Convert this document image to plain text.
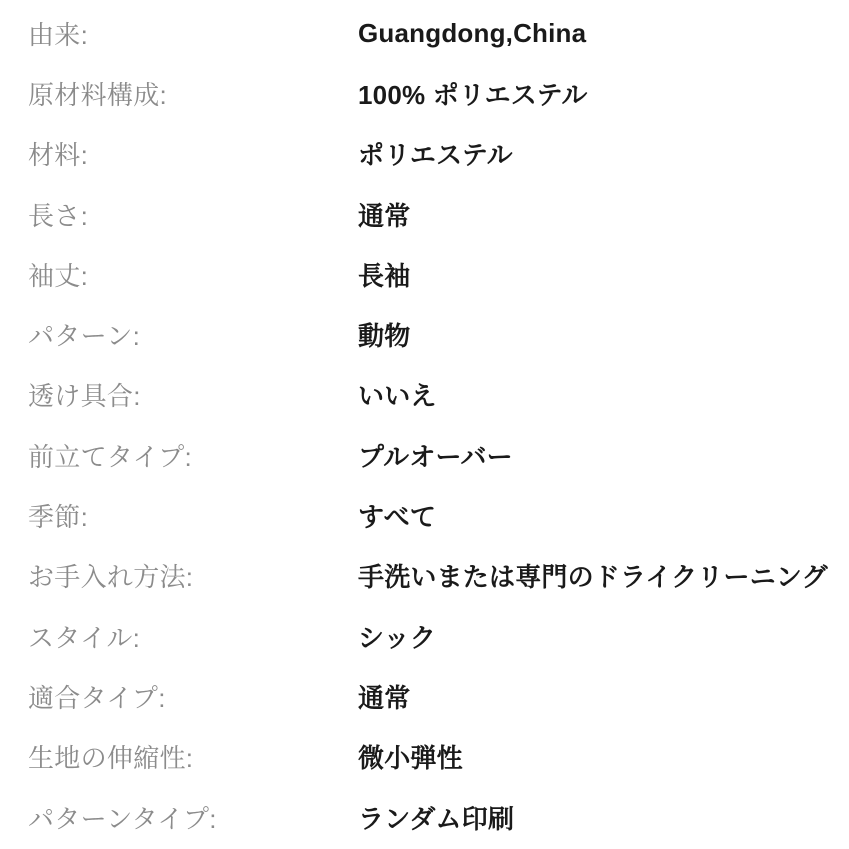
由来:	Guangdong,China
原材料構成:	100% ポリエステル
材料:	ポリエステル
長さ:	通常
袖丈:	長袖
パターン:	動物
透け具合:	いいえ
前立てタイプ:	プルオーバー
季節:	すべて
お手入れ方法:	手洗いまたは専門のドライクリーニング
スタイル:	シック
適合タイプ:	通常
生地の伸縮性:	微小弾性
パターンタイプ:	ランダム印刷
